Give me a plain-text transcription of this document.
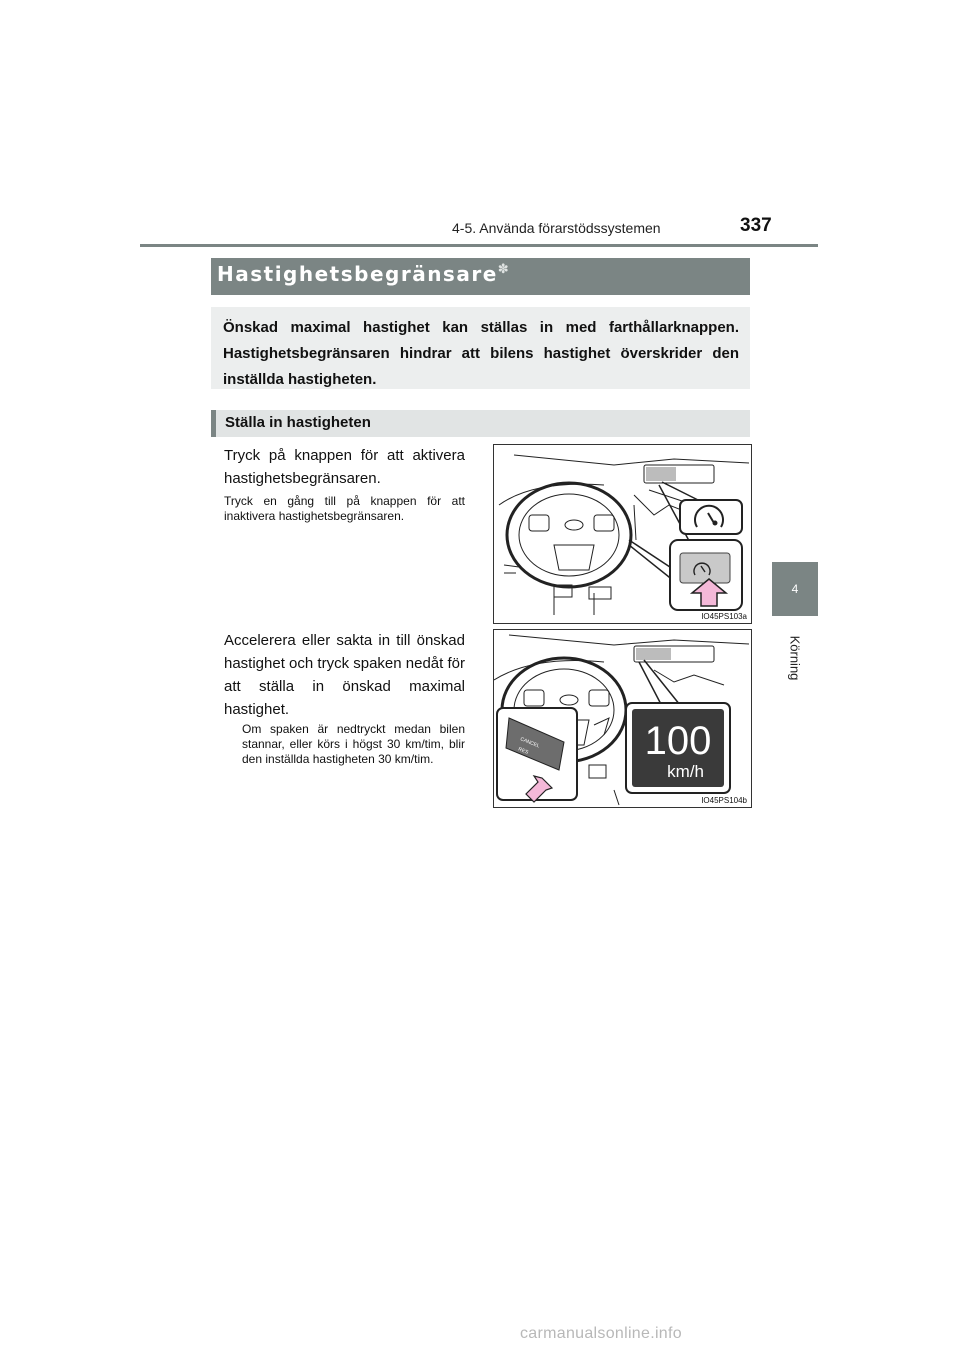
4-5. Använda förarstödssystemen	337
4
Körning
Hastighetsbegränsare✽
Önskad maximal hastighet kan ställas in med farthållarknappen. Hastighetsbegränsaren hindrar att bilens hastighet överskrider den inställda hastigheten.
Ställa in hastigheten
Tryck på knappen för att aktivera hastighetsbegränsaren.
Tryck en gång till på knappen för att inaktivera hastighetsbegränsaren.
IO45PS103a
Accelerera eller sakta in till önskad hastighet och tryck spaken nedåt för att ställa in önskad maximal hastighet.
Om spaken är nedtryckt medan bilen stannar, eller körs i högst 30 km/tim, blir den inställda hastigheten 30 km/tim.
CANCEL
RES
SET	100
km/h
IO45PS104b
carmanualsonline.info
